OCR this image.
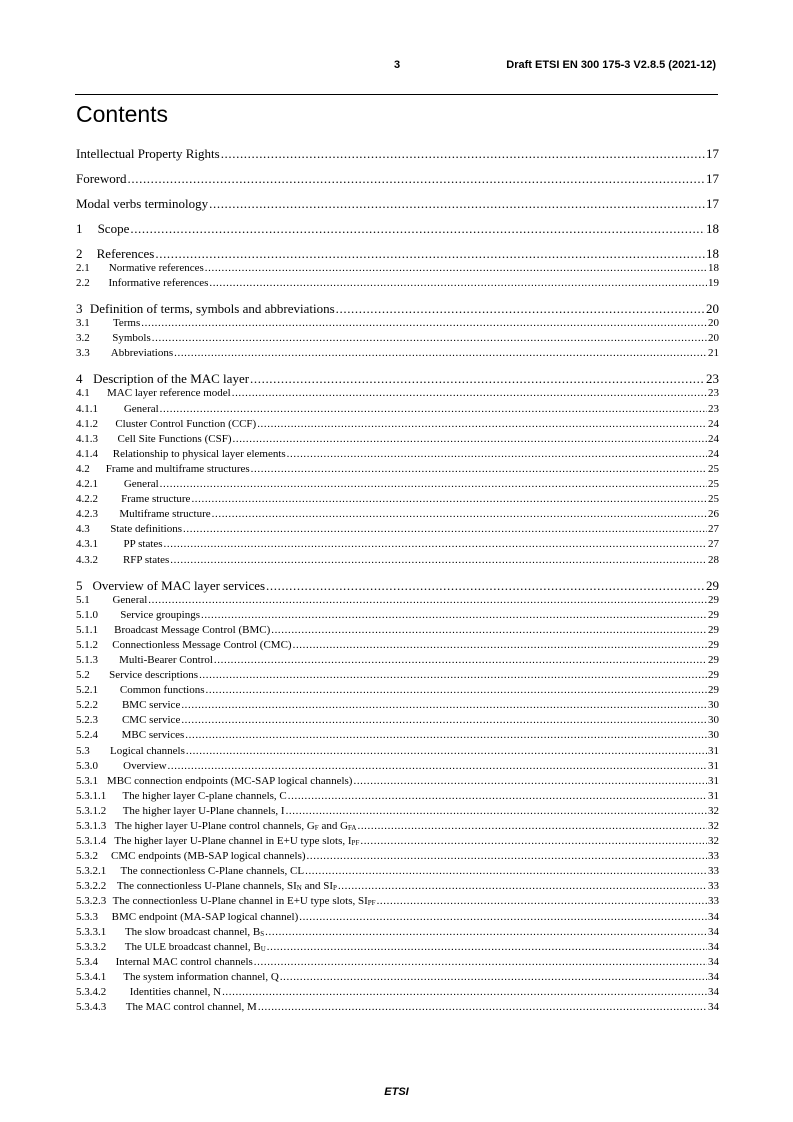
3	Draft ETSI EN 300 175-3 V2.8.5 (2021-12)
Contents
Intellectual Property Rights .....	17
Foreword .....	17
Modal verbs terminology .....	17
1	Scope .....	18
2	References .....	18
2.1	Normative references .....	18
2.2	Informative references .....	19
3 Definition of terms, symbols and abbreviations .....	20
3.1	Terms .....	20
3.2	Symbols .....	20
3.3	Abbreviations .....	21
4 Description of the MAC layer .....	23
4.1	MAC layer reference model .....	23
4.1.1	General .....	23
4.1.2	Cluster Control Function (CCF) .....	24
4.1.3	Cell Site Functions (CSF) .....	24
4.1.4	Relationship to physical layer elements .....	24
4.2	Frame and multiframe structures .....	25
4.2.1	General .....	25
4.2.2	Frame structure .....	25
4.2.3	Multiframe structure .....	26
4.3	State definitions .....	27
4.3.1	PP states .....	27
4.3.2	RFP states .....	28
5 Overview of MAC layer services .....	29
5.1	General .....	29
5.1.0	Service groupings .....	29
5.1.1	Broadcast Message Control (BMC) .....	29
5.1.2	Connectionless Message Control (CMC) .....	29
5.1.3	Multi-Bearer Control .....	29
5.2	Service descriptions .....	29
5.2.1	Common functions .....	29
5.2.2	BMC service .....	30
5.2.3	CMC service .....	30
5.2.4	MBC services .....	30
5.3	Logical channels .....	31
5.3.0	Overview .....	31
5.3.1 MBC connection endpoints (MC-SAP logical channels) .....	31
5.3.1.1	The higher layer C-plane channels, C .....	31
5.3.1.2	The higher layer U-Plane channels, I .....	32
5.3.1.3 The higher layer U-Plane control channels, $G_F$ and $G_{FA}$ .....	32
5.3.1.4 The higher layer U-Plane channel in E+U type slots, $I_{PF}$ .....	32
5.3.2	CMC endpoints (MB-SAP logical channels) .....	33
5.3.2.1	The connectionless C-Plane channels, CL .....	33
5.3.2.2 The connectionless U-Plane channels, $SI_N$ and $SI_P$ .....	33
5.3.2.3 The connectionless U-Plane channel in E+U type slots, $SI_{PF}$ .....	33
5.3.3	BMC endpoint (MA-SAP logical channel) .....	34
5.3.3.1	The slow broadcast channel, $B_S$ .....	34
5.3.3.2	The ULE broadcast channel, $B_U$ .....	34
5.3.4	Internal MAC control channels .....	34
5.3.4.1	The system information channel, Q .....	34
5.3.4.2	Identities channel, N .....	34
5.3.4.3	The MAC control channel, M .....	34
ETSI
